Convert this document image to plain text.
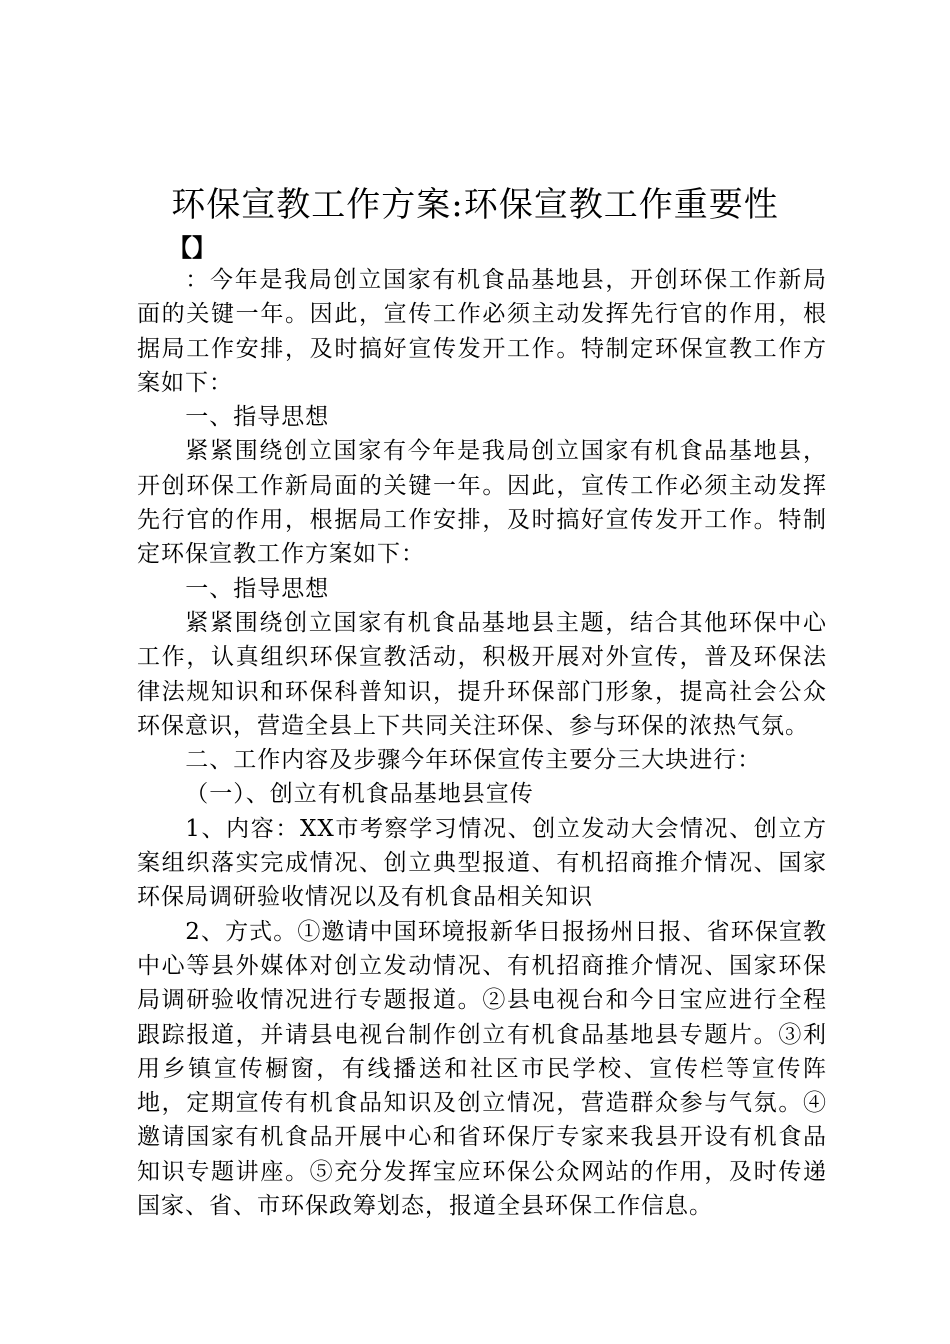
环保宣教工作方案:环保宣教工作重要性
【】

：今年是我局创立国家有机食品基地县，开创环保工作新局面的关键一年。因此，宣传工作必须主动发挥先行官的作用，根据局工作安排，及时搞好宣传发开工作。特制定环保宣教工作方案如下：

一、指导思想

紧紧围绕创立国家有今年是我局创立国家有机食品基地县，开创环保工作新局面的关键一年。因此，宣传工作必须主动发挥先行官的作用，根据局工作安排，及时搞好宣传发开工作。特制定环保宣教工作方案如下：

一、指导思想

紧紧围绕创立国家有机食品基地县主题，结合其他环保中心工作，认真组织环保宣教活动，积极开展对外宣传，普及环保法律法规知识和环保科普知识，提升环保部门形象，提高社会公众环保意识，营造全县上下共同关注环保、参与环保的浓热气氛。

二、工作内容及步骤今年环保宣传主要分三大块进行：

（一）、创立有机食品基地县宣传

1、内容：XX市考察学习情况、创立发动大会情况、创立方案组织落实完成情况、创立典型报道、有机招商推介情况、国家环保局调研验收情况以及有机食品相关知识

2、方式。①邀请中国环境报新华日报扬州日报、省环保宣教中心等县外媒体对创立发动情况、有机招商推介情况、国家环保局调研验收情况进行专题报道。②县电视台和今日宝应进行全程跟踪报道，并请县电视台制作创立有机食品基地县专题片。③利用乡镇宣传橱窗，有线播送和社区市民学校、宣传栏等宣传阵地，定期宣传有机食品知识及创立情况，营造群众参与气氛。④邀请国家有机食品开展中心和省环保厅专家来我县开设有机食品知识专题讲座。⑤充分发挥宝应环保公众网站的作用，及时传递国家、省、市环保政筹划态，报道全县环保工作信息。
